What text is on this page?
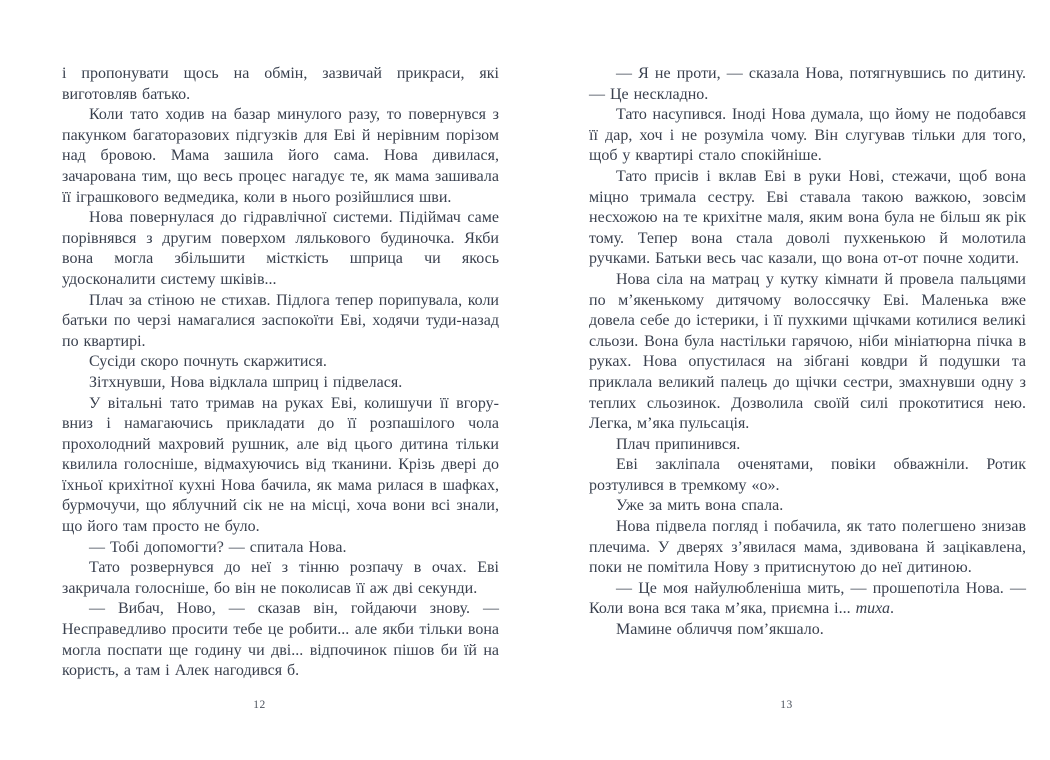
і пропонувати щось на обмін, зазвичай прикраси, які виготовляв батько.

Коли тато ходив на базар минулого разу, то повернувся з пакунком багаторазових підгузків для Еві й нерівним порізом над бровою. Мама зашила його сама. Нова дивилася, зачарована тим, що весь процес нагадує те, як мама зашивала її іграшкового ведмедика, коли в нього розійшлися шви.

Нова повернулася до гідравлічної системи. Підіймач саме порівнявся з другим поверхом лялькового будиночка. Якби вона могла збільшити місткість шприца чи якось удосконалити систему шківів...

Плач за стіною не стихав. Підлога тепер порипувала, коли батьки по черзі намагалися заспокоїти Еві, ходячи туди-назад по квартирі.

Сусіди скоро почнуть скаржитися.

Зітхнувши, Нова відклала шприц і підвелася.

У вітальні тато тримав на руках Еві, колишучи її вгору-вниз і намагаючись прикладати до її розпашілого чола прохолодний махровий рушник, але від цього дитина тільки квилила голосніше, відмахуючись від тканини. Крізь двері до їхньої крихітної кухні Нова бачила, як мама рилася в шафках, бурмочучи, що яблучний сік не на місці, хоча вони всі знали, що його там просто не було.

— Тобі допомогти? — спитала Нова.

Тато розвернувся до неї з тінню розпачу в очах. Еві закричала голосніше, бо він не поколисав її аж дві секунди.

— Вибач, Ново, — сказав він, гойдаючи знову. — Несправедливо просити тебе це робити... але якби тільки вона могла поспати ще годину чи дві... відпочинок пішов би їй на користь, а там і Алек нагодився б.

12

— Я не проти, — сказала Нова, потягнувшись по дитину. — Це нескладно.

Тато насупився. Іноді Нова думала, що йому не подобався її дар, хоч і не розуміла чому. Він слугував тільки для того, щоб у квартирі стало спокійніше.

Тато присів і вклав Еві в руки Нові, стежачи, щоб вона міцно тримала сестру. Еві ставала такою важкою, зовсім несхожою на те крихітне маля, яким вона була не більш як рік тому. Тепер вона стала доволі пухкенькою й молотила ручками. Батьки весь час казали, що вона от-от почне ходити.

Нова сіла на матрац у кутку кімнати й провела пальцями по м’якенькому дитячому волоссячку Еві. Маленька вже довела себе до істерики, і її пухкими щічками котилися великі сльози. Вона була настільки гарячою, ніби мініатюрна пічка в руках. Нова опустилася на зібгані ковдри й подушки та приклала великий палець до щічки сестри, змахнувши одну з теплих сльозинок. Дозволила своїй силі прокотитися нею. Легка, м’яка пульсація.

Плач припинився.

Еві закліпала оченятами, повіки обважніли. Ротик розтулився в тремкому «о».

Уже за мить вона спала.

Нова підвела погляд і побачила, як тато полегшено знизав плечима. У дверях з’явилася мама, здивована й зацікавлена, поки не помітила Нову з притиснутою до неї дитиною.

— Це моя найулюбленіша мить, — прошепотіла Нова. — Коли вона вся така м’яка, приємна і... тиха.

Мамине обличчя пом’якшало.

13
